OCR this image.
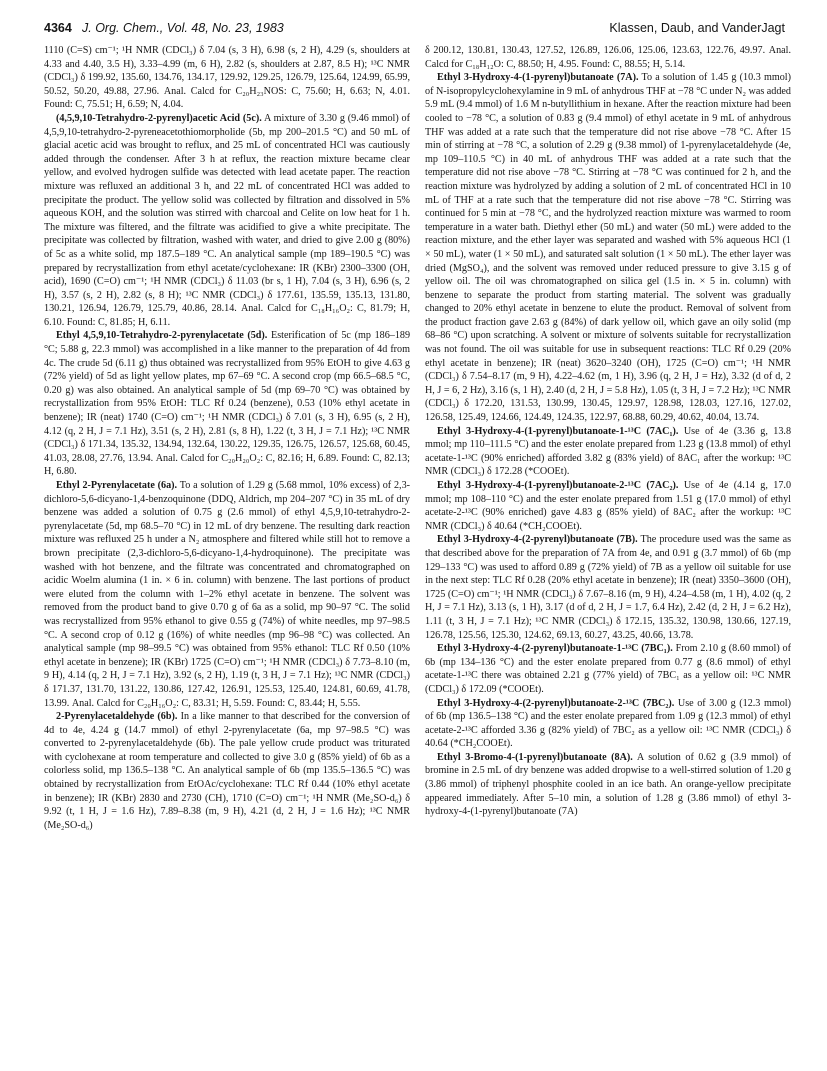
4364 J. Org. Chem., Vol. 48, No. 23, 1983	Klassen, Daub, and VanderJagt

1110 (C=S) cm⁻¹; ¹H NMR (CDCl₃) δ 7.04 (s, 3 H), 6.98 (s, 2 H), 4.29 (s, shoulders at 4.33 and 4.40, 3.5 H), 3.33–4.99 (m, 6 H), 2.82 (s, shoulders at 2.87, 8.5 H); ¹³C NMR (CDCl₃) δ 199.92, 135.60, 134.76, 134.17, 129.92, 129.25, 126.79, 125.64, 124.99, 65.99, 50.52, 50.20, 49.88, 27.96. Anal. Calcd for C₂₀H₂₃NOS: C, 75.60; H, 6.63; N, 4.01. Found: C, 75.51; H, 6.59; N, 4.04.

(4,5,9,10-Tetrahydro-2-pyrenyl)acetic Acid (5c). A mixture of 3.30 g (9.46 mmol) of 4,5,9,10-tetrahydro-2-pyreneacetothiomorpholide (5b, mp 200–201.5 °C) and 50 mL of glacial acetic acid was brought to reflux, and 25 mL of concentrated HCl was cautiously added through the condenser. After 3 h at reflux, the reaction mixture became clear yellow, and evolved hydrogen sulfide was detected with lead acetate paper. The reaction mixture was refluxed an additional 3 h, and 22 mL of concentrated HCl was added to precipitate the product. The yellow solid was collected by filtration and dissolved in 5% aqueous KOH, and the solution was stirred with charcoal and Celite on low heat for 1 h. The mixture was filtered, and the filtrate was acidified to give a white precipitate. The precipitate was collected by filtration, washed with water, and dried to give 2.00 g (80%) of 5c as a white solid, mp 187.5–189 °C. An analytical sample (mp 189–190.5 °C) was prepared by recrystallization from ethyl acetate/cyclohexane: IR (KBr) 2300–3300 (OH, acid), 1690 (C=O) cm⁻¹; ¹H NMR (CDCl₃) δ 11.03 (br s, 1 H), 7.04 (s, 3 H), 6.96 (s, 2 H), 3.57 (s, 2 H), 2.82 (s, 8 H); ¹³C NMR (CDCl₃) δ 177.61, 135.59, 135.13, 131.80, 130.21, 126.94, 126.79, 125.79, 40.86, 28.14. Anal. Calcd for C₁₈H₁₆O₂: C, 81.79; H, 6.10. Found: C, 81.85; H, 6.11.

Ethyl 4,5,9,10-Tetrahydro-2-pyrenylacetate (5d). Esterification of 5c (mp 186–189 °C; 5.88 g, 22.3 mmol) was accomplished in a like manner to the preparation of 4d from 4c. The crude 5d (6.11 g) thus obtained was recrystallized from 95% EtOH to give 4.63 g (72% yield) of 5d as light yellow plates, mp 67–69 °C. A second crop (mp 66.5–68.5 °C, 0.20 g) was also obtained. An analytical sample of 5d (mp 69–70 °C) was obtained by recrystallization from 95% EtOH: TLC Rf 0.24 (benzene), 0.53 (10% ethyl acetate in benzene); IR (neat) 1740 (C=O) cm⁻¹; ¹H NMR (CDCl₃) δ 7.01 (s, 3 H), 6.95 (s, 2 H), 4.12 (q, 2 H, J = 7.1 Hz), 3.51 (s, 2 H), 2.81 (s, 8 H), 1.22 (t, 3 H, J = 7.1 Hz); ¹³C NMR (CDCl₃) δ 171.34, 135.32, 134.94, 132.64, 130.22, 129.35, 126.75, 126.57, 125.68, 60.45, 41.03, 28.08, 27.76, 13.94. Anal. Calcd for C₂₀H₂₀O₂: C, 82.16; H, 6.89. Found: C, 82.13; H, 6.80.

Ethyl 2-Pyrenylacetate (6a). To a solution of 1.29 g (5.68 mmol, 10% excess) of 2,3-dichloro-5,6-dicyano-1,4-benzoquinone (DDQ, Aldrich, mp 204–207 °C) in 35 mL of dry benzene was added a solution of 0.75 g (2.6 mmol) of ethyl 4,5,9,10-tetrahydro-2-pyrenylacetate (5d, mp 68.5–70 °C) in 12 mL of dry benzene. The resulting dark reaction mixture was refluxed 25 h under a N₂ atmosphere and filtered while still hot to remove a brown precipitate (2,3-dichloro-5,6-dicyano-1,4-hydroquinone). The precipitate was washed with hot benzene, and the filtrate was concentrated and chromatographed on acidic Woelm alumina (1 in. × 6 in. column) with benzene. The last portions of product were eluted from the column with 1–2% ethyl acetate in benzene. The solvent was removed from the product band to give 0.70 g of 6a as a solid, mp 90–97 °C. The solid was recrystallized from 95% ethanol to give 0.55 g (74%) of white needles, mp 97–98.5 °C. A second crop of 0.12 g (16%) of white needles (mp 96–98 °C) was collected. An analytical sample (mp 98–99.5 °C) was obtained from 95% ethanol: TLC Rf 0.50 (10% ethyl acetate in benzene); IR (KBr) 1725 (C=O) cm⁻¹; ¹H NMR (CDCl₃) δ 7.73–8.10 (m, 9 H), 4.14 (q, 2 H, J = 7.1 Hz), 3.92 (s, 2 H), 1.19 (t, 3 H, J = 7.1 Hz); ¹³C NMR (CDCl₃) δ 171.37, 131.70, 131.22, 130.86, 127.42, 126.91, 125.53, 125.40, 124.81, 60.69, 41.78, 13.99. Anal. Calcd for C₂₀H₁₆O₂: C, 83.31; H, 5.59. Found: C, 83.44; H, 5.55.

2-Pyrenylacetaldehyde (6b). In a like manner to that described for the conversion of 4d to 4e, 4.24 g (14.7 mmol) of ethyl 2-pyrenylacetate (6a, mp 97–98.5 °C) was converted to 2-pyrenylacetaldehyde (6b). The pale yellow crude product was triturated with cyclohexane at room temperature and collected to give 3.0 g (85% yield) of 6b as a colorless solid, mp 136.5–138 °C. An analytical sample of 6b (mp 135.5–136.5 °C) was obtained by recrystallization from EtOAc/cyclohexane: TLC Rf 0.44 (10% ethyl acetate in benzene); IR (KBr) 2830 and 2730 (CH), 1710 (C=O) cm⁻¹; ¹H NMR (Me₂SO-d₆) δ 9.92 (t, 1 H, J = 1.6 Hz), 7.89–8.38 (m, 9 H), 4.21 (d, 2 H, J = 1.6 Hz); ¹³C NMR (Me₂SO-d₆)

δ 200.12, 130.81, 130.43, 127.52, 126.89, 126.06, 125.06, 123.63, 122.76, 49.97. Anal. Calcd for C₁₈H₁₂O: C, 88.50; H, 4.95. Found: C, 88.55; H, 5.14.

Ethyl 3-Hydroxy-4-(1-pyrenyl)butanoate (7A). To a solution of 1.45 g (10.3 mmol) of N-isopropylcyclohexylamine in 9 mL of anhydrous THF at −78 °C under N₂ was added 5.9 mL (9.4 mmol) of 1.6 M n-butyllithium in hexane. After the reaction mixture had been cooled to −78 °C, a solution of 0.83 g (9.4 mmol) of ethyl acetate in 9 mL of anhydrous THF was added at a rate such that the temperature did not rise above −78 °C. After 15 min of stirring at −78 °C, a solution of 2.29 g (9.38 mmol) of 1-pyrenylacetaldehyde (4e, mp 109–110.5 °C) in 40 mL of anhydrous THF was added at a rate such that the temperature did not rise above −78 °C. Stirring at −78 °C was continued for 2 h, and the reaction mixture was hydrolyzed by adding a solution of 2 mL of concentrated HCl in 10 mL of THF at a rate such that the temperature did not rise above −78 °C. Stirring was continued for 5 min at −78 °C, and the hydrolyzed reaction mixture was warmed to room temperature in a water bath. Diethyl ether (50 mL) and water (50 mL) were added to the reaction mixture, and the ether layer was separated and washed with 5% aqueous HCl (1 × 50 mL), water (1 × 50 mL), and saturated salt solution (1 × 50 mL). The ether layer was dried (MgSO₄), and the solvent was removed under reduced pressure to give 3.15 g of yellow oil. The oil was chromatographed on silica gel (1.5 in. × 5 in. column) with benzene to separate the product from starting material. The solvent was gradually changed to 20% ethyl acetate in benzene to elute the product. Removal of solvent from the product fraction gave 2.63 g (84%) of dark yellow oil, which gave an oily solid (mp 68–86 °C) upon scratching. A solvent or mixture of solvents suitable for recrystallization was not found. The oil was suitable for use in subsequent reactions: TLC Rf 0.29 (20% ethyl acetate in benzene); IR (neat) 3620–3240 (OH), 1725 (C=O) cm⁻¹; ¹H NMR (CDCl₃) δ 7.54–8.17 (m, 9 H), 4.22–4.62 (m, 1 H), 3.96 (q, 2 H, J = Hz), 3.32 (d of d, 2 H, J = 6, 2 Hz), 3.16 (s, 1 H), 2.40 (d, 2 H, J = 5.8 Hz), 1.05 (t, 3 H, J = 7.2 Hz); ¹³C NMR (CDCl₃) δ 172.20, 131.53, 130.99, 130.45, 129.97, 128.98, 128.03, 127.16, 127.02, 126.58, 125.49, 124.66, 124.49, 124.35, 122.97, 68.88, 60.29, 40.62, 40.04, 13.74.

Ethyl 3-Hydroxy-4-(1-pyrenyl)butanoate-1-¹³C (7AC₁). Use of 4e (3.36 g, 13.8 mmol; mp 110–111.5 °C) and the ester enolate prepared from 1.23 g (13.8 mmol) of ethyl acetate-1-¹³C (90% enriched) afforded 3.82 g (83% yield) of 8AC₁ after the workup: ¹³C NMR (CDCl₃) δ 172.28 (*COOEt).

Ethyl 3-Hydroxy-4-(1-pyrenyl)butanoate-2-¹³C (7AC₂). Use of 4e (4.14 g, 17.0 mmol; mp 108–110 °C) and the ester enolate prepared from 1.51 g (17.0 mmol) of ethyl acetate-2-¹³C (90% enriched) gave 4.83 g (85% yield) of 8AC₂ after the workup: ¹³C NMR (CDCl₃) δ 40.64 (*CH₂COOEt).

Ethyl 3-Hydroxy-4-(2-pyrenyl)butanoate (7B). The procedure used was the same as that described above for the preparation of 7A from 4e, and 0.91 g (3.7 mmol) of 6b (mp 129–133 °C) was used to afford 0.89 g (72% yield) of 7B as a yellow oil suitable for use in the next step: TLC Rf 0.28 (20% ethyl acetate in benzene); IR (neat) 3350–3600 (OH), 1725 (C=O) cm⁻¹; ¹H NMR (CDCl₃) δ 7.67–8.16 (m, 9 H), 4.24–4.58 (m, 1 H), 4.02 (q, 2 H, J = 7.1 Hz), 3.13 (s, 1 H), 3.17 (d of d, 2 H, J = 1.7, 6.4 Hz), 2.42 (d, 2 H, J = 6.2 Hz), 1.11 (t, 3 H, J = 7.1 Hz); ¹³C NMR (CDCl₃) δ 172.15, 135.32, 130.98, 130.66, 127.19, 126.78, 125.56, 125.30, 124.62, 69.13, 60.27, 43.25, 40.66, 13.78.

Ethyl 3-Hydroxy-4-(2-pyrenyl)butanoate-1-¹³C (7BC₁). From 2.10 g (8.60 mmol) of 6b (mp 134–136 °C) and the ester enolate prepared from 0.77 g (8.6 mmol) of ethyl acetate-1-¹³C there was obtained 2.21 g (77% yield) of 7BC₁ as a yellow oil: ¹³C NMR (CDCl₃) δ 172.09 (*COOEt).

Ethyl 3-Hydroxy-4-(2-pyrenyl)butanoate-2-¹³C (7BC₂). Use of 3.00 g (12.3 mmol) of 6b (mp 136.5–138 °C) and the ester enolate prepared from 1.09 g (12.3 mmol) of ethyl acetate-2-¹³C afforded 3.36 g (82% yield) of 7BC₂ as a yellow oil: ¹³C NMR (CDCl₃) δ 40.64 (*CH₂COOEt).

Ethyl 3-Bromo-4-(1-pyrenyl)butanoate (8A). A solution of 0.62 g (3.9 mmol) of bromine in 2.5 mL of dry benzene was added dropwise to a well-stirred solution of 1.20 g (3.86 mmol) of triphenyl phosphite cooled in an ice bath. An orange-yellow precipitate appeared immediately. After 5–10 min, a solution of 1.28 g (3.86 mmol) of ethyl 3-hydroxy-4-(1-pyrenyl)butanoate (7A)
